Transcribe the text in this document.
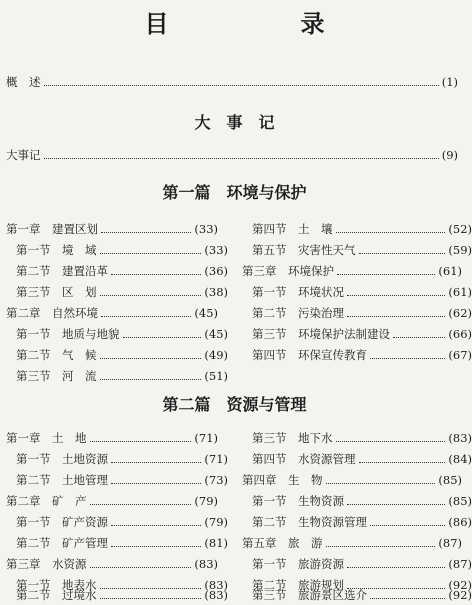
目　　录
概　述	(1)
大　事　记
大事记	(9)
第一篇　环境与保护
第一章　建置区划	(33)
第一节　境　域	(33)
第二节　建置沿革	(36)
第三节　区　划	(38)
第二章　自然环境	(45)
第一节　地质与地貌	(45)
第二节　气　候	(49)
第三节　河　流	(51)
第四节　土　壤	(52)
第五节　灾害性天气	(59)
第三章　环境保护	(61)
第一节　环境状况	(61)
第二节　污染治理	(62)
第三节　环境保护法制建设	(66)
第四节　环保宣传教育	(67)
第二篇　资源与管理
第一章　土　地	(71)
第一节　土地资源	(71)
第二节　土地管理	(73)
第二章　矿　产	(79)
第一节　矿产资源	(79)
第二节　矿产管理	(81)
第三章　水资源	(83)
第一节　地表水	(83)
第二节　过境水	(83)
第三节　地下水	(83)
第四节　水资源管理	(84)
第四章　生　物	(85)
第一节　生物资源	(85)
第二节　生物资源管理	(86)
第五章　旅　游	(87)
第一节　旅游资源	(87)
第二节　旅游规划	(92)
第三节　旅游景区选介	(92)
